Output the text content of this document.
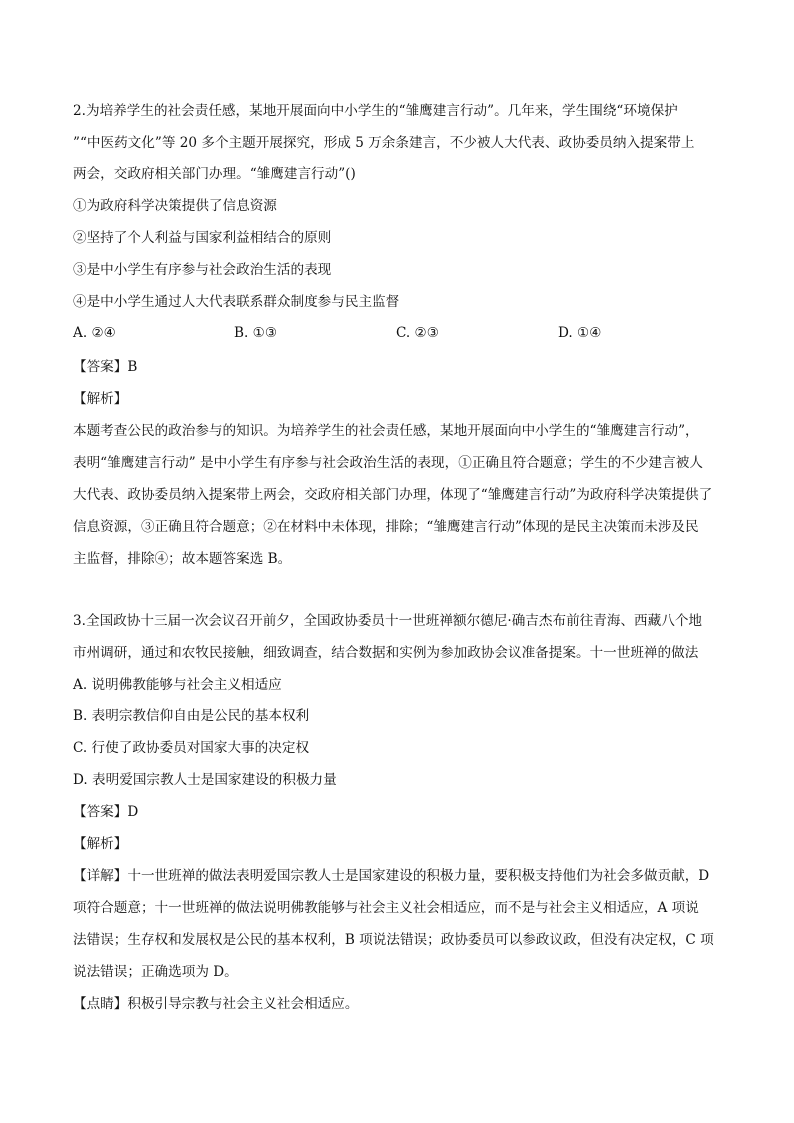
2.为培养学生的社会责任感，某地开展面向中小学生的“雏鹰建言行动”。几年来，学生围绕“环境保护
”“中医药文化”等 20 多个主题开展探究，形成 5 万余条建言，不少被人大代表、政协委员纳入提案带上
两会，交政府相关部门办理。“雏鹰建言行动”()
①为政府科学决策提供了信息资源
②坚持了个人利益与国家利益相结合的原则
③是中小学生有序参与社会政治生活的表现
④是中小学生通过人大代表联系群众制度参与民主监督
A. ②④	B. ①③	C. ②③	D. ①④
【答案】B
【解析】
本题考查公民的政治参与的知识。为培养学生的社会责任感，某地开展面向中小学生的“雏鹰建言行动”，
表明“雏鹰建言行动” 是中小学生有序参与社会政治生活的表现，①正确且符合题意；学生的不少建言被人
大代表、政协委员纳入提案带上两会，交政府相关部门办理，体现了“雏鹰建言行动”为政府科学决策提供了
信息资源，③正确且符合题意；②在材料中未体现，排除；“雏鹰建言行动”体现的是民主决策而未涉及民
主监督，排除④；故本题答案选 B。
3.全国政协十三届一次会议召开前夕，全国政协委员十一世班禅额尔德尼·确吉杰布前往青海、西藏八个地
市州调研，通过和农牧民接触，细致调查，结合数据和实例为参加政协会议准备提案。十一世班禅的做法
A. 说明佛教能够与社会主义相适应
B. 表明宗教信仰自由是公民的基本权利
C. 行使了政协委员对国家大事的决定权
D. 表明爱国宗教人士是国家建设的积极力量
【答案】D
【解析】
【详解】十一世班禅的做法表明爱国宗教人士是国家建设的积极力量，要积极支持他们为社会多做贡献，D
项符合题意；十一世班禅的做法说明佛教能够与社会主义社会相适应，而不是与社会主义相适应，A 项说
法错误；生存权和发展权是公民的基本权利，B 项说法错误；政协委员可以参政议政，但没有决定权，C 项
说法错误；正确选项为 D。
【点睛】积极引导宗教与社会主义社会相适应。
